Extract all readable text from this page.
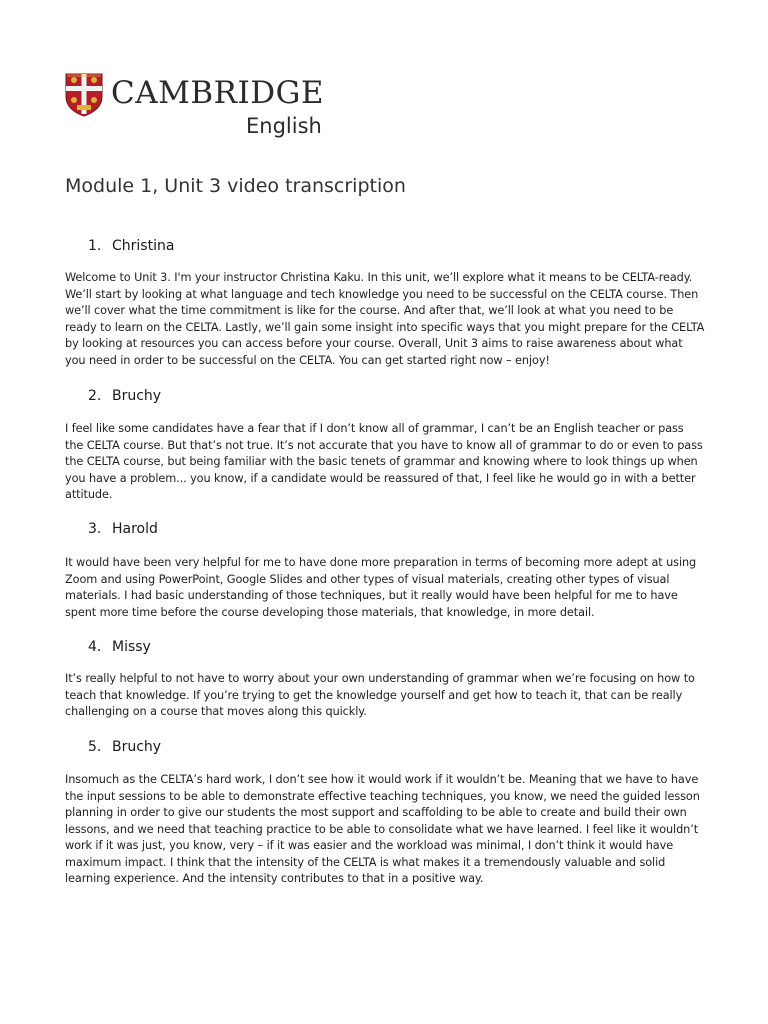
CAMBRIDGE
English
Module 1, Unit 3 video transcription
1. Christina

Welcome to Unit 3. I'm your instructor Christina Kaku. In this unit, we’ll explore what it means to be CELTA-ready. We’ll start by looking at what language and tech knowledge you need to be successful on the CELTA course. Then we’ll cover what the time commitment is like for the course. And after that, we’ll look at what you need to be ready to learn on the CELTA. Lastly, we’ll gain some insight into specific ways that you might prepare for the CELTA by looking at resources you can access before your course. Overall, Unit 3 aims to raise awareness about what you need in order to be successful on the CELTA. You can get started right now – enjoy!

2. Bruchy

I feel like some candidates have a fear that if I don’t know all of grammar, I can’t be an English teacher or pass the CELTA course. But that’s not true. It’s not accurate that you have to know all of grammar to do or even to pass the CELTA course, but being familiar with the basic tenets of grammar and knowing where to look things up when you have a problem... you know, if a candidate would be reassured of that, I feel like he would go in with a better attitude.

3. Harold

It would have been very helpful for me to have done more preparation in terms of becoming more adept at using Zoom and using PowerPoint, Google Slides and other types of visual materials, creating other types of visual materials. I had basic understanding of those techniques, but it really would have been helpful for me to have spent more time before the course developing those materials, that knowledge, in more detail.

4. Missy

It’s really helpful to not have to worry about your own understanding of grammar when we’re focusing on how to teach that knowledge. If you’re trying to get the knowledge yourself and get how to teach it, that can be really challenging on a course that moves along this quickly.

5. Bruchy

Insomuch as the CELTA’s hard work, I don’t see how it would work if it wouldn’t be. Meaning that we have to have the input sessions to be able to demonstrate effective teaching techniques, you know, we need the guided lesson planning in order to give our students the most support and scaffolding to be able to create and build their own lessons, and we need that teaching practice to be able to consolidate what we have learned. I feel like it wouldn’t work if it was just, you know, very – if it was easier and the workload was minimal, I don’t think it would have maximum impact. I think that the intensity of the CELTA is what makes it a tremendously valuable and solid learning experience. And the intensity contributes to that in a positive way.
